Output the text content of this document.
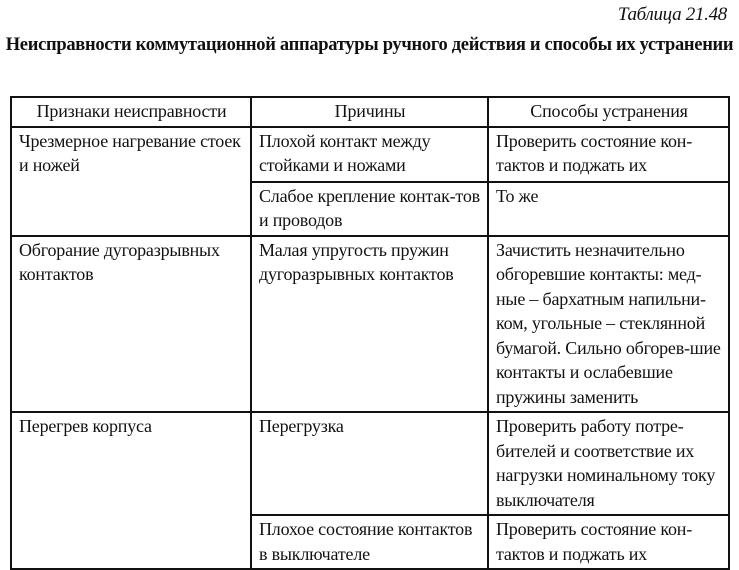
Таблица 21.48
Неисправности коммутационной аппаратуры ручного действия и способы их устранении
Признаки неисправности	Причины	Способы устранения
Чрезмерное нагревание стоек и ножей	Плохой контакт между стойками и ножами	Проверить состояние кон-тактов и поджать их
	Слабое крепление контак-тов и проводов	То же
Обгорание дугоразрывных контактов	Малая упругость пружин дугоразрывных контактов	Зачистить незначительно обгоревшие контакты: мед-ные – бархатным напильни-ком, угольные – стеклянной бумагой. Сильно обгорев-шие контакты и ослабевшие пружины заменить
Перегрев корпуса	Перегрузка	Проверить работу потре-бителей и соответствие их нагрузки номинальному току выключателя
	Плохое состояние контактов в выключателе	Проверить состояние кон-тактов и поджать их
